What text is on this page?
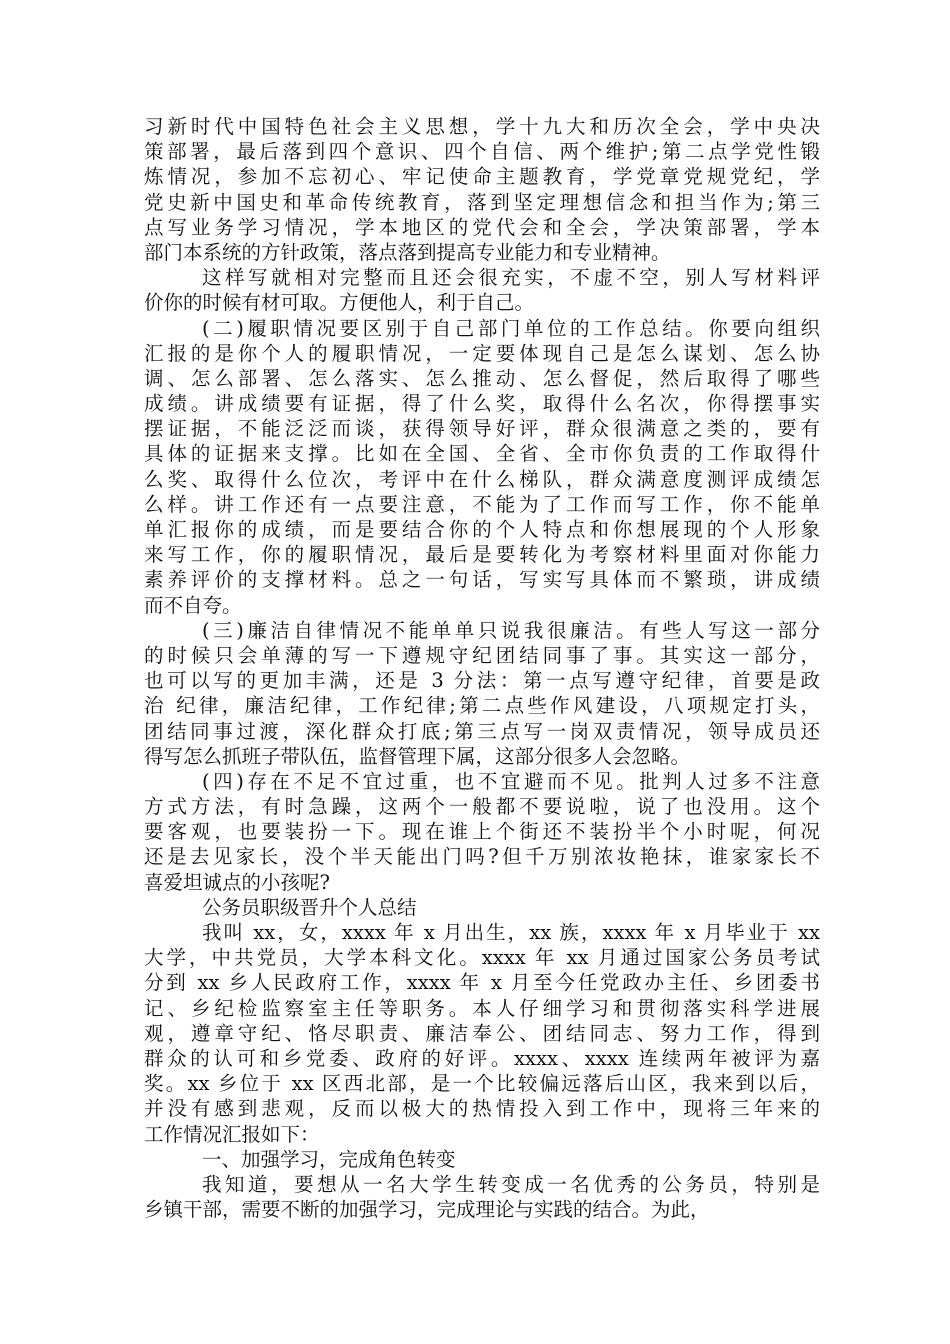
习新时代中国特色社会主义思想，学十九大和历次全会，学中央决
策部署，最后落到四个意识、四个自信、两个维护;第二点学党性锻
炼情况，参加不忘初心、牢记使命主题教育，学党章党规党纪，学
党史新中国史和革命传统教育，落到坚定理想信念和担当作为;第三
点写业务学习情况，学本地区的党代会和全会，学决策部署，学本
部门本系统的方针政策，落点落到提高专业能力和专业精神。
这样写就相对完整而且还会很充实，不虚不空，别人写材料评
价你的时候有材可取。方便他人，利于自己。
(二)履职情况要区别于自己部门单位的工作总结。你要向组织
汇报的是你个人的履职情况，一定要体现自己是怎么谋划、怎么协
调、怎么部署、怎么落实、怎么推动、怎么督促，然后取得了哪些
成绩。讲成绩要有证据，得了什么奖，取得什么名次，你得摆事实
摆证据，不能泛泛而谈，获得领导好评，群众很满意之类的，要有
具体的证据来支撑。比如在全国、全省、全市你负责的工作取得什
么奖、取得什么位次，考评中在什么梯队，群众满意度测评成绩怎
么样。讲工作还有一点要注意，不能为了工作而写工作，你不能单
单汇报你的成绩，而是要结合你的个人特点和你想展现的个人形象
来写工作，你的履职情况，最后是要转化为考察材料里面对你能力
素养评价的支撑材料。总之一句话，写实写具体而不繁琐，讲成绩
而不自夸。
(三)廉洁自律情况不能单单只说我很廉洁。有些人写这一部分
的时候只会单薄的写一下遵规守纪团结同事了事。其实这一部分，
也可以写的更加丰满，还是 3 分法：第一点写遵守纪律，首要是政
治 纪律，廉洁纪律，工作纪律;第二点些作风建设，八项规定打头，
团结同事过渡，深化群众打底;第三点写一岗双责情况，领导成员还
得写怎么抓班子带队伍，监督管理下属，这部分很多人会忽略。
(四)存在不足不宜过重，也不宜避而不见。批判人过多不注意
方式方法，有时急躁，这两个一般都不要说啦，说了也没用。这个
要客观，也要装扮一下。现在谁上个街还不装扮半个小时呢，何况
还是去见家长，没个半天能出门吗?但千万别浓妆艳抹，谁家家长不
喜爱坦诚点的小孩呢?
公务员职级晋升个人总结
我叫 xx，女，xxxx 年 x 月出生，xx 族，xxxx 年 x 月毕业于 xx
大学，中共党员，大学本科文化。xxxx 年 xx 月通过国家公务员考试
分到 xx 乡人民政府工作，xxxx 年 x 月至今任党政办主任、乡团委书
记、乡纪检监察室主任等职务。本人仔细学习和贯彻落实科学进展
观，遵章守纪、恪尽职责、廉洁奉公、团结同志、努力工作，得到
群众的认可和乡党委、政府的好评。xxxx、xxxx 连续两年被评为嘉
奖。xx 乡位于 xx 区西北部，是一个比较偏远落后山区，我来到以后，
并没有感到悲观，反而以极大的热情投入到工作中，现将三年来的
工作情况汇报如下：
一、加强学习，完成角色转变
我知道，要想从一名大学生转变成一名优秀的公务员，特别是
乡镇干部，需要不断的加强学习，完成理论与实践的结合。为此，
